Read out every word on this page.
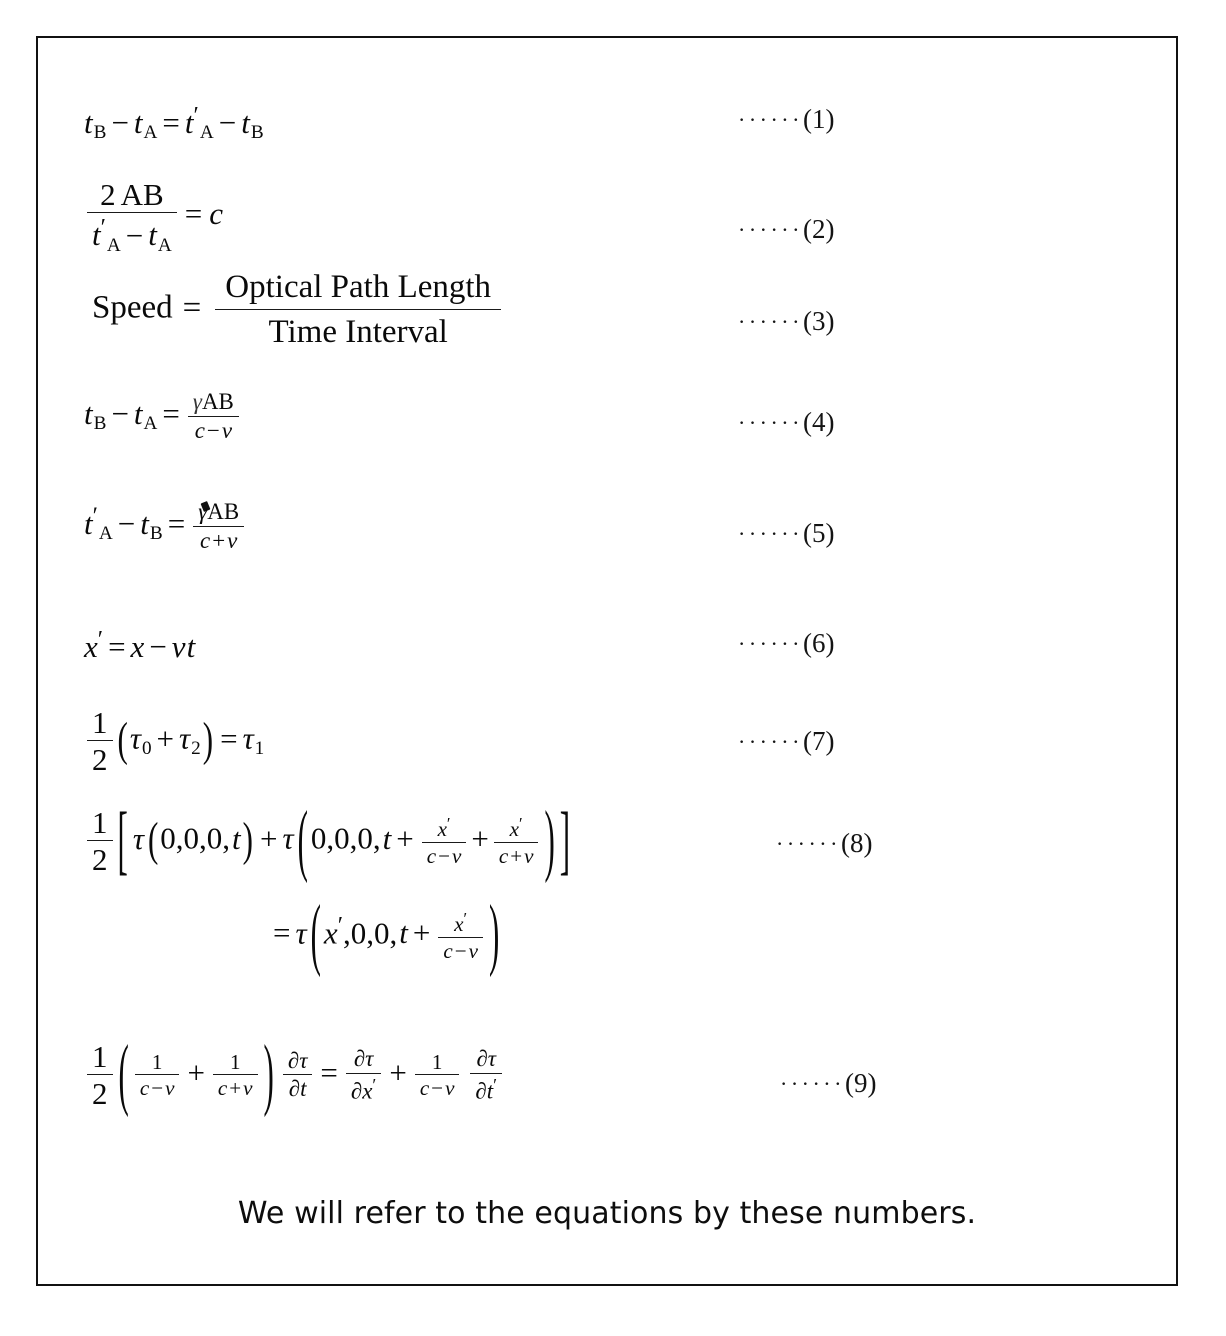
tB − tA = t′A − tB
······(1)
$\frac{2 AB}{t'A - tA} = c$	······(2)
Speed = $\frac{\text{Optical Path Length}}{\text{Time Interval}}$	······(3)
tB − tA = $\frac{\text{γAB}}{c-v}$	······(4)
t′A − tB = $\frac{\text{γAB}}{c+v}$	······(5)
x′ = x − vt	······(6)
$\frac{1}{2} (\tau 0 + \tau 2) = \tau 1$	······(7)
$\frac{1}{2}$ [ τ (0,0,0,t) + τ ($0,0,0,t + \frac{x'}{c-v} + \frac{x'}{c+v}$ ) ]	······(8)
= τ ($x',0,0,t + \frac{x'}{c-v}$ )
$\frac{1}{2}$ ( $\frac{1}{c-v} + \frac{1}{c+v}$ ) $\frac{\partial\tau}{\partial t} = \frac{\partial\tau}{\partial x'} + \frac{1}{c-v} \frac{\partial\tau}{\partial t'}$	······(9)
We will refer to the equations by these numbers.
